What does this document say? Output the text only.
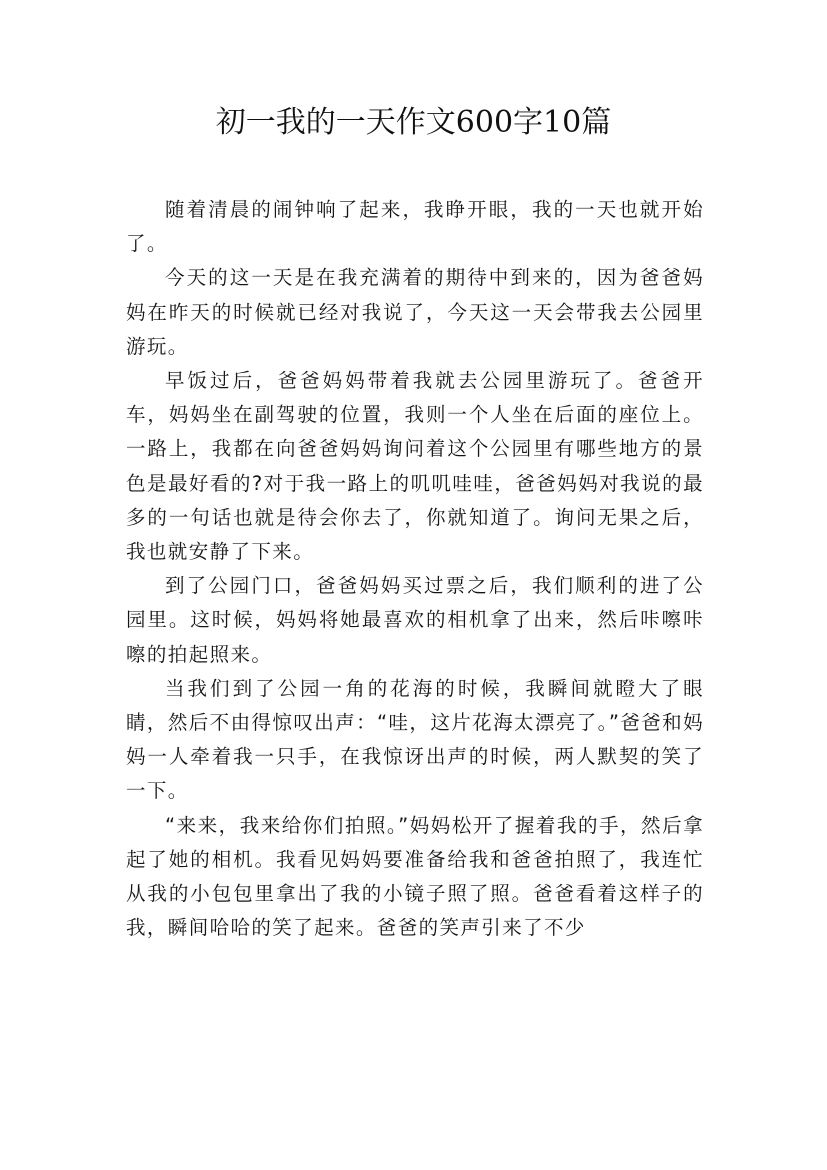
初一我的一天作文600字10篇

随着清晨的闹钟响了起来，我睁开眼，我的一天也就开始了。

今天的这一天是在我充满着的期待中到来的，因为爸爸妈妈在昨天的时候就已经对我说了，今天这一天会带我去公园里游玩。

早饭过后，爸爸妈妈带着我就去公园里游玩了。爸爸开车，妈妈坐在副驾驶的位置，我则一个人坐在后面的座位上。一路上，我都在向爸爸妈妈询问着这个公园里有哪些地方的景色是最好看的?对于我一路上的叽叽哇哇，爸爸妈妈对我说的最多的一句话也就是待会你去了，你就知道了。询问无果之后，我也就安静了下来。

到了公园门口，爸爸妈妈买过票之后，我们顺利的进了公园里。这时候，妈妈将她最喜欢的相机拿了出来，然后咔嚓咔嚓的拍起照来。

当我们到了公园一角的花海的时候，我瞬间就瞪大了眼睛，然后不由得惊叹出声：“哇，这片花海太漂亮了。”爸爸和妈妈一人牵着我一只手，在我惊讶出声的时候，两人默契的笑了一下。

“来来，我来给你们拍照。”妈妈松开了握着我的手，然后拿起了她的相机。我看见妈妈要准备给我和爸爸拍照了，我连忙从我的小包包里拿出了我的小镜子照了照。爸爸看着这样子的我，瞬间哈哈的笑了起来。爸爸的笑声引来了不少
